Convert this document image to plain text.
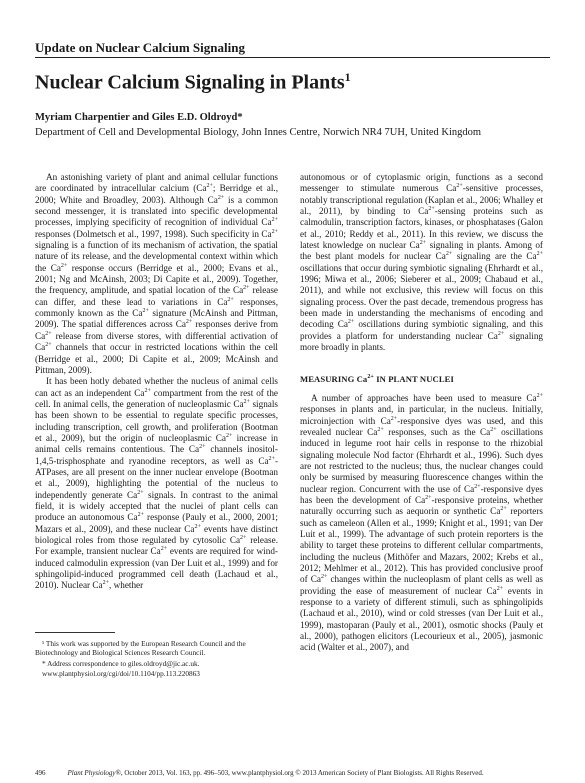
Update on Nuclear Calcium Signaling
Nuclear Calcium Signaling in Plants$^1$
Myriam Charpentier and Giles E.D. Oldroyd*
Department of Cell and Developmental Biology, John Innes Centre, Norwich NR4 7UH, United Kingdom

An astonishing variety of plant and animal cellular functions are coordinated by intracellular calcium ($Ca^{2+}$; Berridge et al., 2000; White and Broadley, 2003). Although $Ca^{2+}$ is a common second messenger, it is translated into specific developmental processes, implying specificity of recognition of individual $Ca^{2+}$ responses (Dolmetsch et al., 1997, 1998). Such specificity in $Ca^{2+}$ signaling is a function of its mechanism of activation, the spatial nature of its release, and the developmental context within which the $Ca^{2+}$ response occurs (Berridge et al., 2000; Evans et al., 2001; Ng and McAinsh, 2003; Di Capite et al., 2009). Together, the frequency, amplitude, and spatial location of the $Ca^{2+}$ release can differ, and these lead to variations in $Ca^{2+}$ responses, commonly known as the $Ca^{2+}$ signature (McAinsh and Pittman, 2009). The spatial differences across $Ca^{2+}$ responses derive from $Ca^{2+}$ release from diverse stores, with differential activation of $Ca^{2+}$ channels that occur in restricted locations within the cell (Berridge et al., 2000; Di Capite et al., 2009; McAinsh and Pittman, 2009).

It has been hotly debated whether the nucleus of animal cells can act as an independent $Ca^{2+}$ compartment from the rest of the cell. In animal cells, the generation of nucleoplasmic $Ca^{2+}$ signals has been shown to be essential to regulate specific processes, including transcription, cell growth, and proliferation (Bootman et al., 2009), but the origin of nucleoplasmic $Ca^{2+}$ increase in animal cells remains contentious. The $Ca^{2+}$ channels inositol-1,4,5-trisphosphate and ryanodine receptors, as well as $Ca^{2+}$-ATPases, are all present on the inner nuclear envelope (Bootman et al., 2009), highlighting the potential of the nucleus to independently generate $Ca^{2+}$ signals. In contrast to the animal field, it is widely accepted that the nuclei of plant cells can produce an autonomous $Ca^{2+}$ response (Pauly et al., 2000, 2001; Mazars et al., 2009), and these nuclear $Ca^{2+}$ events have distinct biological roles from those regulated by cytosolic $Ca^{2+}$ release. For example, transient nuclear $Ca^{2+}$ events are required for wind-induced calmodulin expression (van Der Luit et al., 1999) and for sphingolipid-induced programmed cell death (Lachaud et al., 2010). Nuclear $Ca^{2+}$, whether

autonomous or of cytoplasmic origin, functions as a second messenger to stimulate numerous $Ca^{2+}$-sensitive processes, notably transcriptional regulation (Kaplan et al., 2006; Whalley et al., 2011), by binding to $Ca^{2+}$-sensing proteins such as calmodulin, transcription factors, kinases, or phosphatases (Galon et al., 2010; Reddy et al., 2011). In this review, we discuss the latest knowledge on nuclear $Ca^{2+}$ signaling in plants. Among of the best plant models for nuclear $Ca^{2+}$ signaling are the $Ca^{2+}$ oscillations that occur during symbiotic signaling (Ehrhardt et al., 1996; Miwa et al., 2006; Sieberer et al., 2009; Chabaud et al., 2011), and while not exclusive, this review will focus on this signaling process. Over the past decade, tremendous progress has been made in understanding the mechanisms of encoding and decoding $Ca^{2+}$ oscillations during symbiotic signaling, and this provides a platform for understanding nuclear $Ca^{2+}$ signaling more broadly in plants.

MEASURING $Ca^{2+}$ IN PLANT NUCLEI

A number of approaches have been used to measure $Ca^{2+}$ responses in plants and, in particular, in the nucleus. Initially, microinjection with $Ca^{2+}$-responsive dyes was used, and this revealed nuclear $Ca^{2+}$ responses, such as the $Ca^{2+}$ oscillations induced in legume root hair cells in response to the rhizobial signaling molecule Nod factor (Ehrhardt et al., 1996). Such dyes are not restricted to the nucleus; thus, the nuclear changes could only be surmised by measuring fluorescence changes within the nuclear region. Concurrent with the use of $Ca^{2+}$-responsive dyes has been the development of $Ca^{2+}$-responsive proteins, whether naturally occurring such as aequorin or synthetic $Ca^{2+}$ reporters such as cameleon (Allen et al., 1999; Knight et al., 1991; van Der Luit et al., 1999). The advantage of such protein reporters is the ability to target these proteins to different cellular compartments, including the nucleus (Mithöfer and Mazars, 2002; Krebs et al., 2012; Mehlmer et al., 2012). This has provided conclusive proof of $Ca^{2+}$ changes within the nucleoplasm of plant cells as well as providing the ease of measurement of nuclear $Ca^{2+}$ events in response to a variety of different stimuli, such as sphingolipids (Lachaud et al., 2010), wind or cold stresses (van Der Luit et al., 1999), mastoparan (Pauly et al., 2001), osmotic shocks (Pauly et al., 2000), pathogen elicitors (Lecourieux et al., 2005), jasmonic acid (Walter et al., 2007), and

¹ This work was supported by the European Research Council and the Biotechnology and Biological Sciences Research Council.

* Address correspondence to giles.oldroyd@jic.ac.uk.

www.plantphysiol.org/cgi/doi/10.1104/pp.113.220863

496	Plant Physiology®, October 2013, Vol. 163, pp. 496–503, www.plantphysiol.org © 2013 American Society of Plant Biologists. All Rights Reserved.
